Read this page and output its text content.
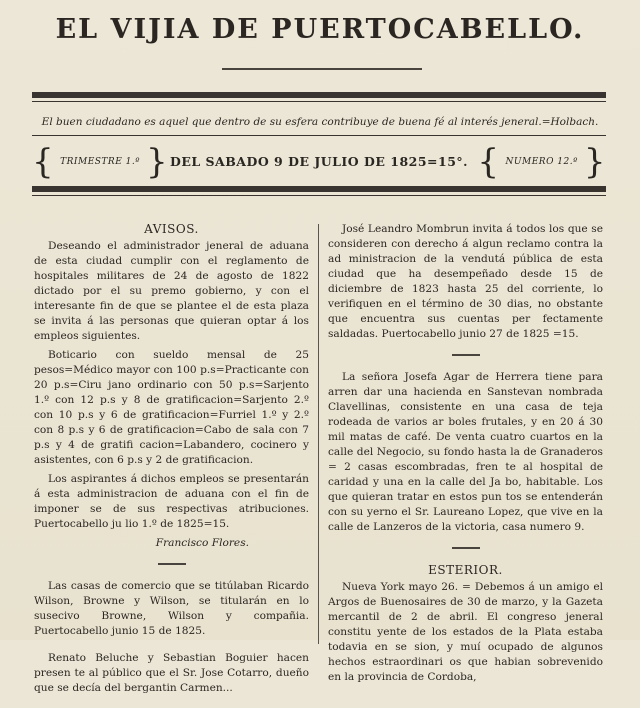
EL VIJIA DE PUERTOCABELLO.
El buen ciudadano es aquel que dentro de su esfera contribuye de buena fé al interés jeneral.=Holbach.
{ TRIMESTRE 1.º } DEL SABADO 9 DE JULIO DE 1825=15°. { NUMERO 12.º }

AVISOS.

Deseando el administrador jeneral de aduana de esta ciudad cumplir con el reglamento de hospitales militares de 24 de agosto de 1822 dictado por el su premo gobierno, y con el interesante fin de que se plantee el de esta plaza se invita á las personas que quieran optar á los empleos siguientes.

Boticario con sueldo mensal de 25 pesos=Médico mayor con 100 p.s=Practicante con 20 p.s=Ciru jano ordinario con 50 p.s=Sarjento 1.º con 12 p.s y 8 de gratificacion=Sarjento 2.º con 10 p.s y 6 de gratificacion=Furriel 1.º y 2.º con 8 p.s y 6 de gratificacion=Cabo de sala con 7 p.s y 4 de gratifi cacion=Labandero, cocinero y asistentes, con 6 p.s y 2 de gratificacion.

Los aspirantes á dichos empleos se presentarán á esta administracion de aduana con el fin de imponer se de sus respectivas atribuciones. Puertocabello ju lio 1.º de 1825=15.

Francisco Flores.

Las casas de comercio que se titúlaban Ricardo Wilson, Browne y Wilson, se titularán en lo susecivo Browne, Wilson y compañia. Puertocabello junio 15 de 1825.

Renato Beluche y Sebastian Boguier hacen presen te al público que el Sr. Jose Cotarro, dueño que se decía del bergantin Carmen...

José Leandro Mombrun invita á todos los que se consideren con derecho á algun reclamo contra la ad ministracion de la vendutá pública de esta ciudad que ha desempeñado desde 15 de diciembre de 1823 hasta 25 del corriente, lo verifiquen en el término de 30 dias, no obstante que encuentra sus cuentas per fectamente saldadas. Puertocabello junio 27 de 1825 =15.

La señora Josefa Agar de Herrera tiene para arren dar una hacienda en Sanstevan nombrada Clavellinas, consistente en una casa de teja rodeada de varios ar boles frutales, y en 20 á 30 mil matas de café. De venta cuatro cuartos en la calle del Negocio, su fondo hasta la de Granaderos = 2 casas escombradas, fren te al hospital de caridad y una en la calle del Ja bo, habitable. Los que quieran tratar en estos pun tos se entenderán con su yerno el Sr. Laureano Lopez, que vive en la calle de Lanzeros de la victoria, casa numero 9.

ESTERIOR.

Nueva York mayo 26. = Debemos á un amigo el Argos de Buenosaires de 30 de marzo, y la Gazeta mercantil de 2 de abril. El congreso jeneral constitu yente de los estados de la Plata estaba todavia en se sion, y muí ocupado de algunos hechos estraordinari os que habian sobrevenido en la provincia de Cordoba,
